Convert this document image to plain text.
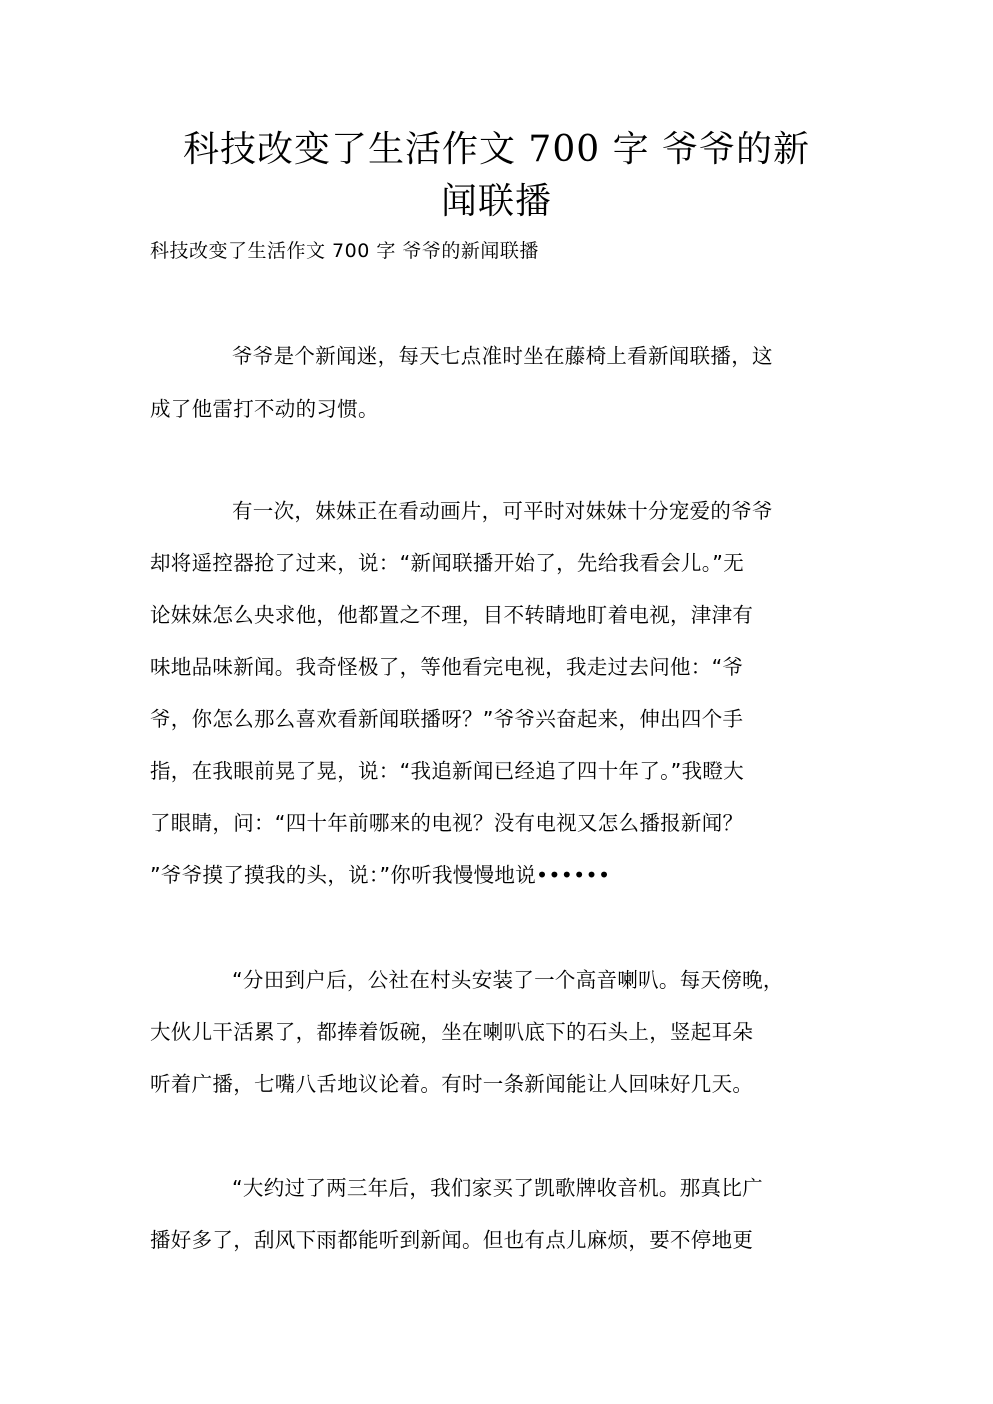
科技改变了生活作文 700 字 爷爷的新
闻联播
科技改变了生活作文 700 字 爷爷的新闻联播
爷爷是个新闻迷，每天七点准时坐在藤椅上看新闻联播，这
成了他雷打不动的习惯。
有一次，妹妹正在看动画片，可平时对妹妹十分宠爱的爷爷
却将遥控器抢了过来，说：“新闻联播开始了，先给我看会儿。”无
论妹妹怎么央求他，他都置之不理，目不转睛地盯着电视，津津有
味地品味新闻。我奇怪极了，等他看完电视，我走过去问他：“爷
爷，你怎么那么喜欢看新闻联播呀？”爷爷兴奋起来，伸出四个手
指，在我眼前晃了晃，说：“我追新闻已经追了四十年了。”我瞪大
了眼睛，问：“四十年前哪来的电视？没有电视又怎么播报新闻？
”爷爷摸了摸我的头，说：”你听我慢慢地说••••••
“分田到户后，公社在村头安装了一个高音喇叭。每天傍晚，
大伙儿干活累了，都捧着饭碗，坐在喇叭底下的石头上，竖起耳朵
听着广播，七嘴八舌地议论着。有时一条新闻能让人回味好几天。
“大约过了两三年后，我们家买了凯歌牌收音机。那真比广
播好多了，刮风下雨都能听到新闻。但也有点儿麻烦，要不停地更
